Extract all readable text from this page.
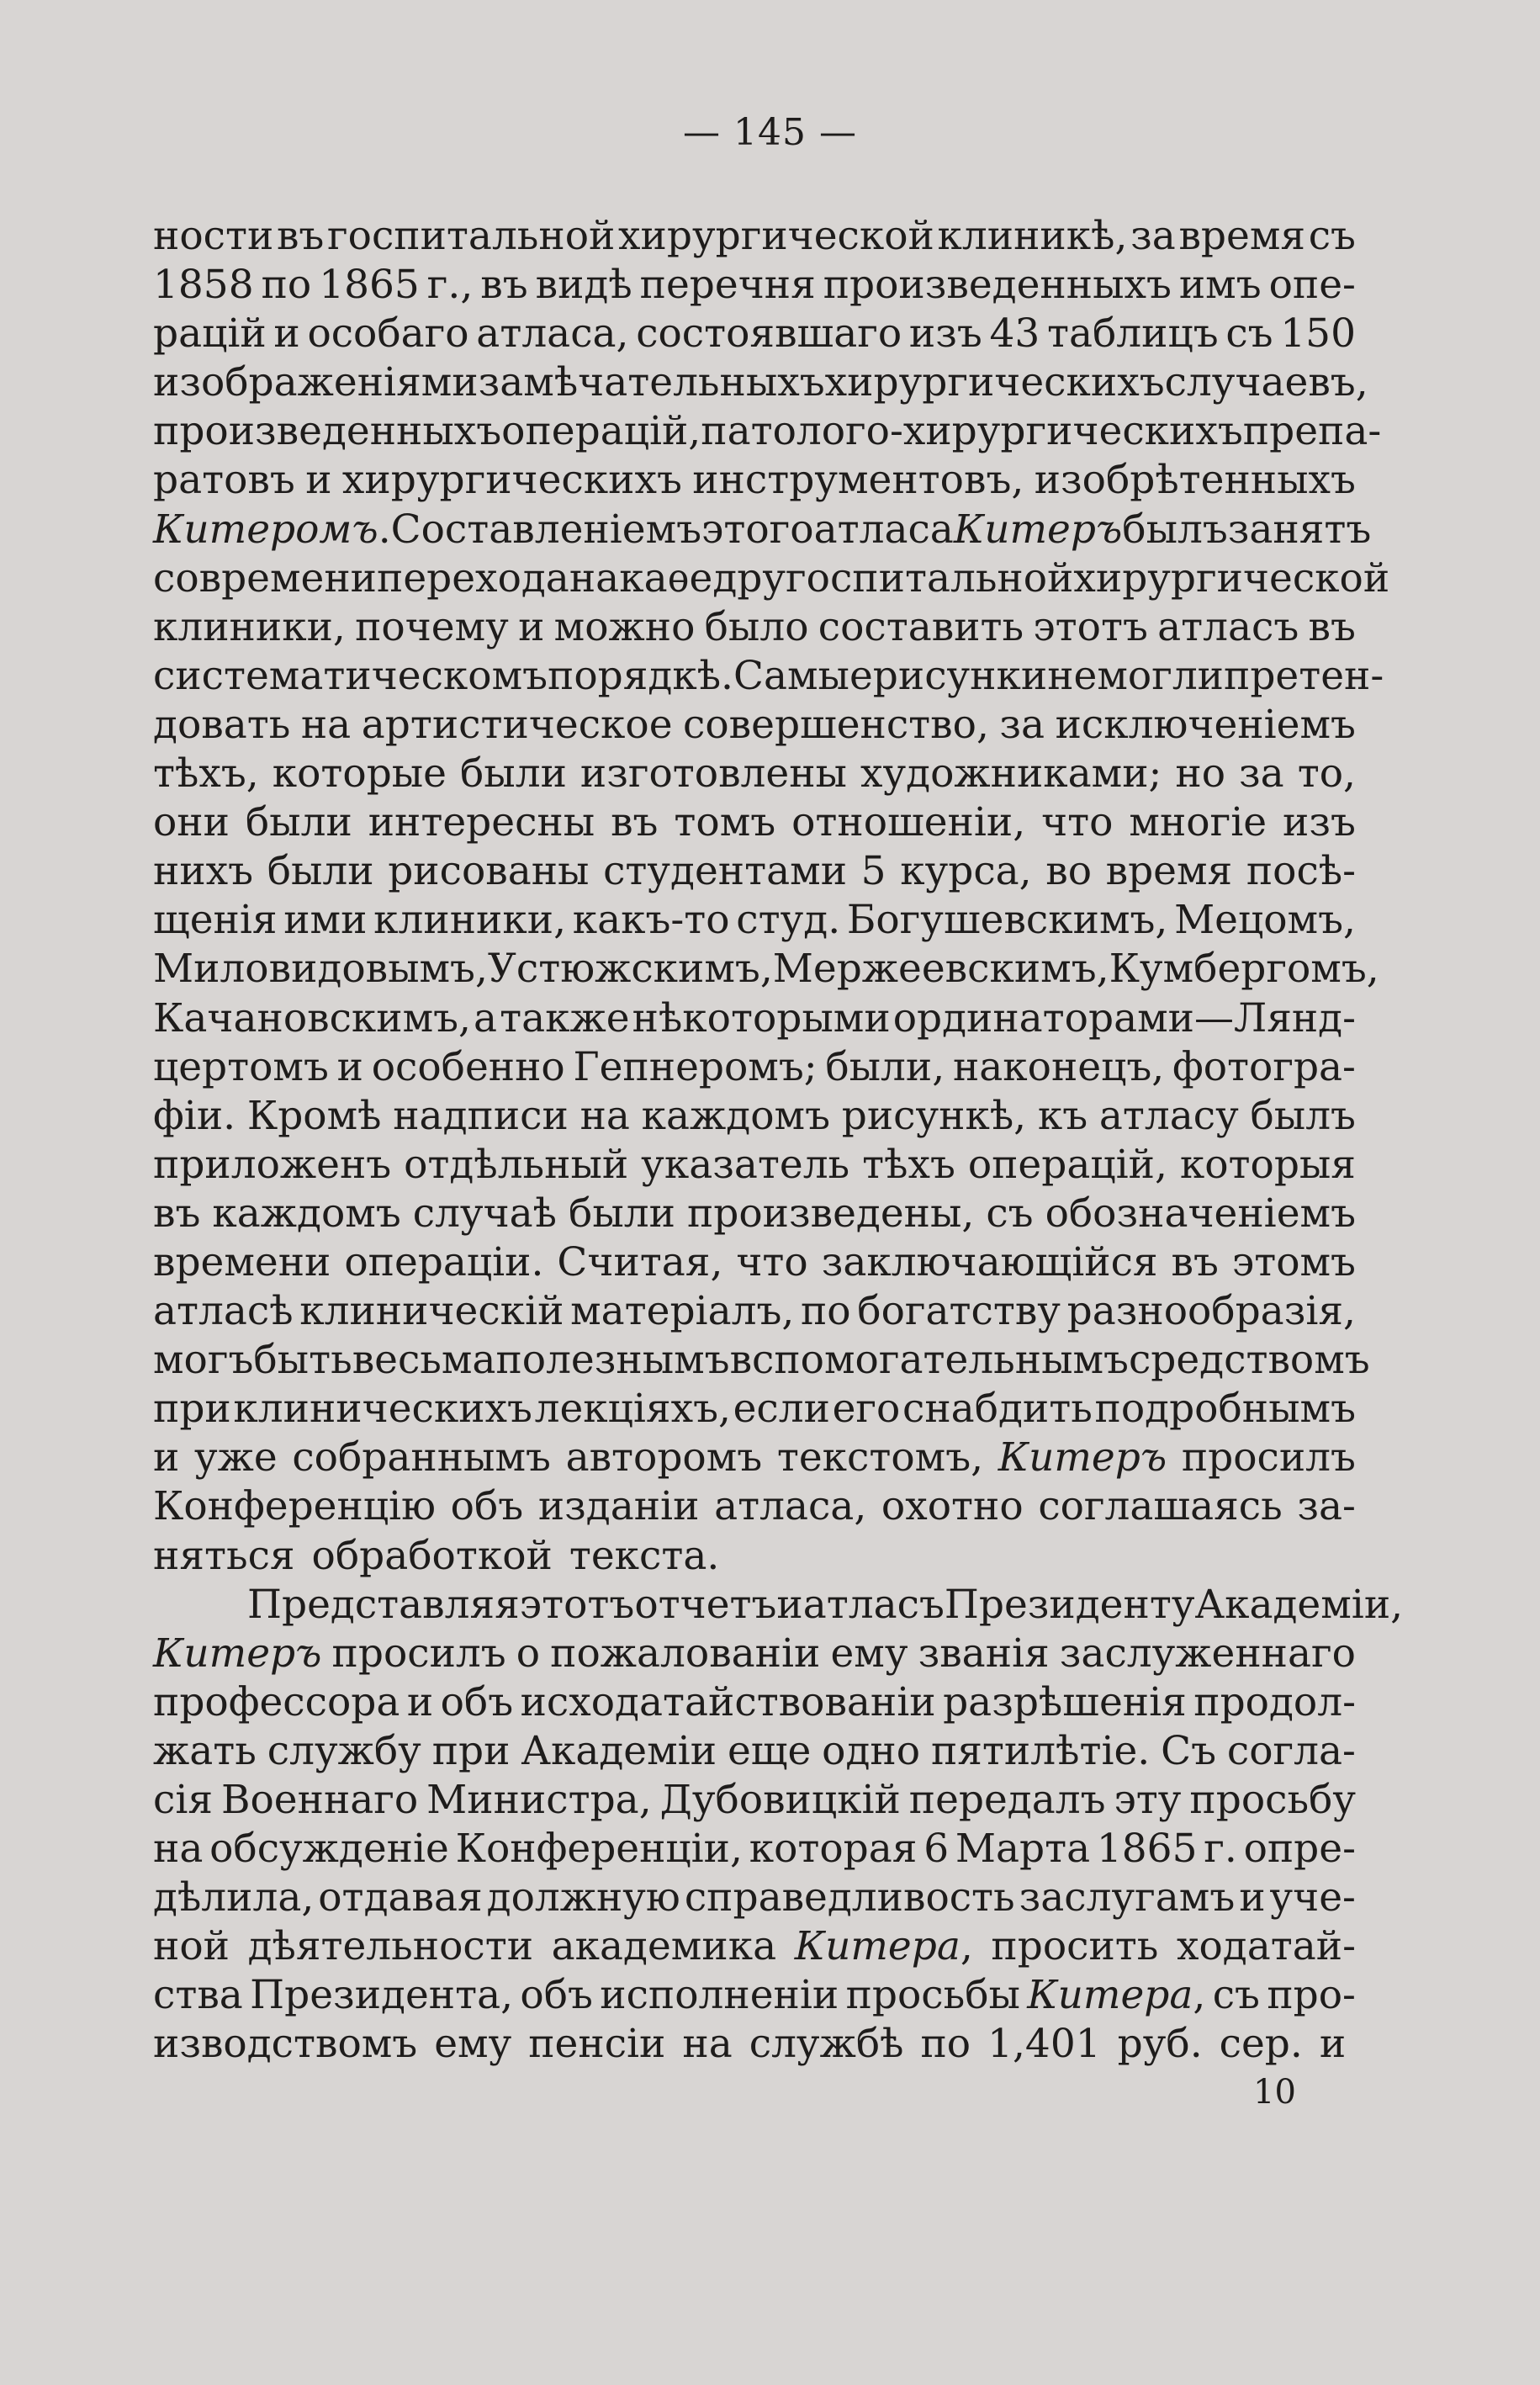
— 145 —
ности въ госпитальной хирургической клиникѣ, за время съ
1858 по 1865 г., въ видѣ перечня произведенныхъ имъ опе-
рацій и особаго атласа, состоявшаго изъ 43 таблицъ съ 150
изображеніями замѣчательныхъ хирургическихъ случаевъ,
произведенныхъ операцій, патолого-хирургическихъ препа-
ратовъ и хирургическихъ инструментовъ, изобрѣтенныхъ
Китеромъ. Составленіемъ этого атласа Китеръ былъ занятъ
со времени перехода на каѳедру госпитальной хирургической
клиники, почему и можно было составить этотъ атласъ въ
систематическомъ порядкѣ. Самые рисунки не могли претен-
довать на артистическое совершенство, за исключеніемъ
тѣхъ, которые были изготовлены художниками; но за то,
они были интересны въ томъ отношеніи, что многіе изъ
нихъ были рисованы студентами 5 курса, во время посѣ-
щенія ими клиники, какъ-то студ. Богушевскимъ, Мецомъ,
Миловидовымъ, Устюжскимъ, Мержеевскимъ, Кумбергомъ,
Качановскимъ, а также нѣкоторыми ординаторами—Лянд-
цертомъ и особенно Гепнеромъ; были, наконецъ, фотогра-
фіи. Кромѣ надписи на каждомъ рисункѣ, къ атласу былъ
приложенъ отдѣльный указатель тѣхъ операцій, которыя
въ каждомъ случаѣ были произведены, съ обозначеніемъ
времени операціи. Считая, что заключающійся въ этомъ
атласѣ клиническій матеріалъ, по богатству разнообразія,
могъ быть весьма полезнымъ вспомогательнымъ средствомъ
при клиническихъ лекціяхъ, если его снабдить подробнымъ
и уже собраннымъ авторомъ текстомъ, Китеръ просилъ
Конференцію объ изданіи атласа, охотно соглашаясь за-
няться обработкой текста.
Представляя этотъ отчетъ и атласъ Президенту Академіи,
Китеръ просилъ о пожалованіи ему званія заслуженнаго
профессора и объ исходатайствованіи разрѣшенія продол-
жать службу при Академіи еще одно пятилѣтіе. Съ согла-
сія Военнаго Министра, Дубовицкій передалъ эту просьбу
на обсужденіе Конференціи, которая 6 Марта 1865 г. опре-
дѣлила, отдавая должную справедливость заслугамъ и уче-
ной дѣятельности академика Китера, просить ходатай-
ства Президента, объ исполненіи просьбы Китера, съ про-
изводствомъ ему пенсіи на службѣ по 1,401 руб. сер. и
10
